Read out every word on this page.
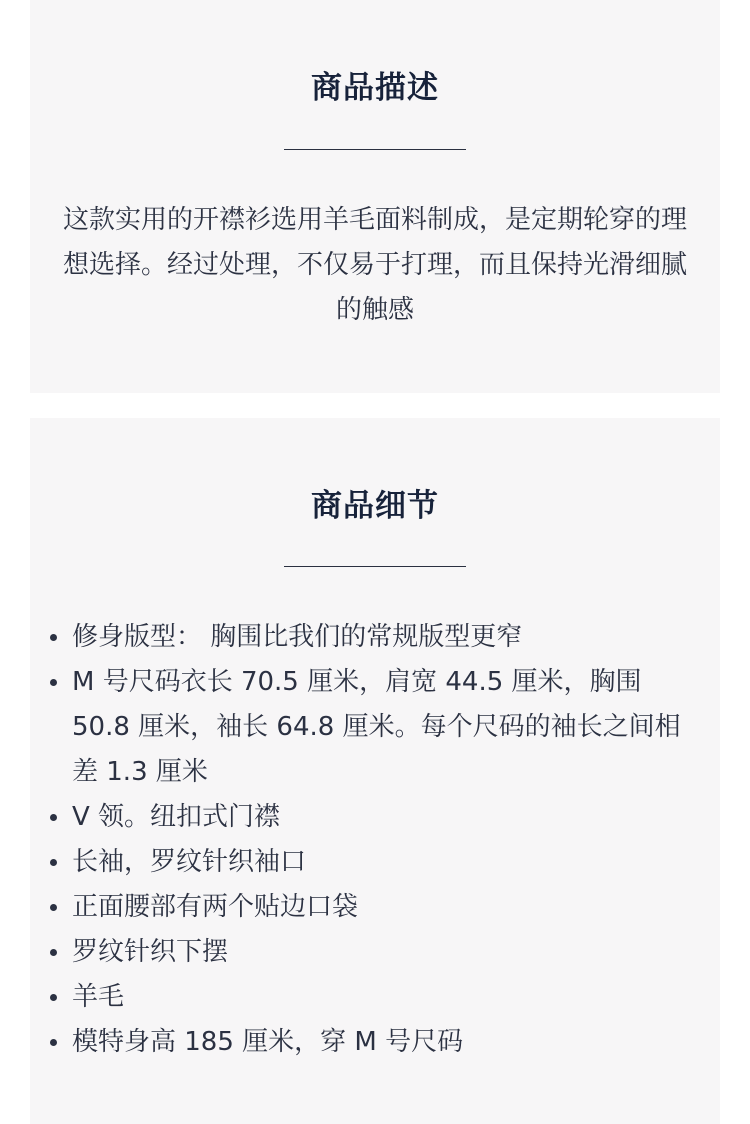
商品描述

这款实用的开襟衫选用羊毛面料制成，是定期轮穿的理想选择。经过处理，不仅易于打理，而且保持光滑细腻的触感

商品细节
修身版型： 胸围比我们的常规版型更窄
M 号尺码衣长 70.5 厘米，肩宽 44.5 厘米，胸围 50.8 厘米，袖长 64.8 厘米。每个尺码的袖长之间相差 1.3 厘米
V 领。纽扣式门襟
长袖，罗纹针织袖口
正面腰部有两个贴边口袋
罗纹针织下摆
羊毛
模特身高 185 厘米，穿 M 号尺码
